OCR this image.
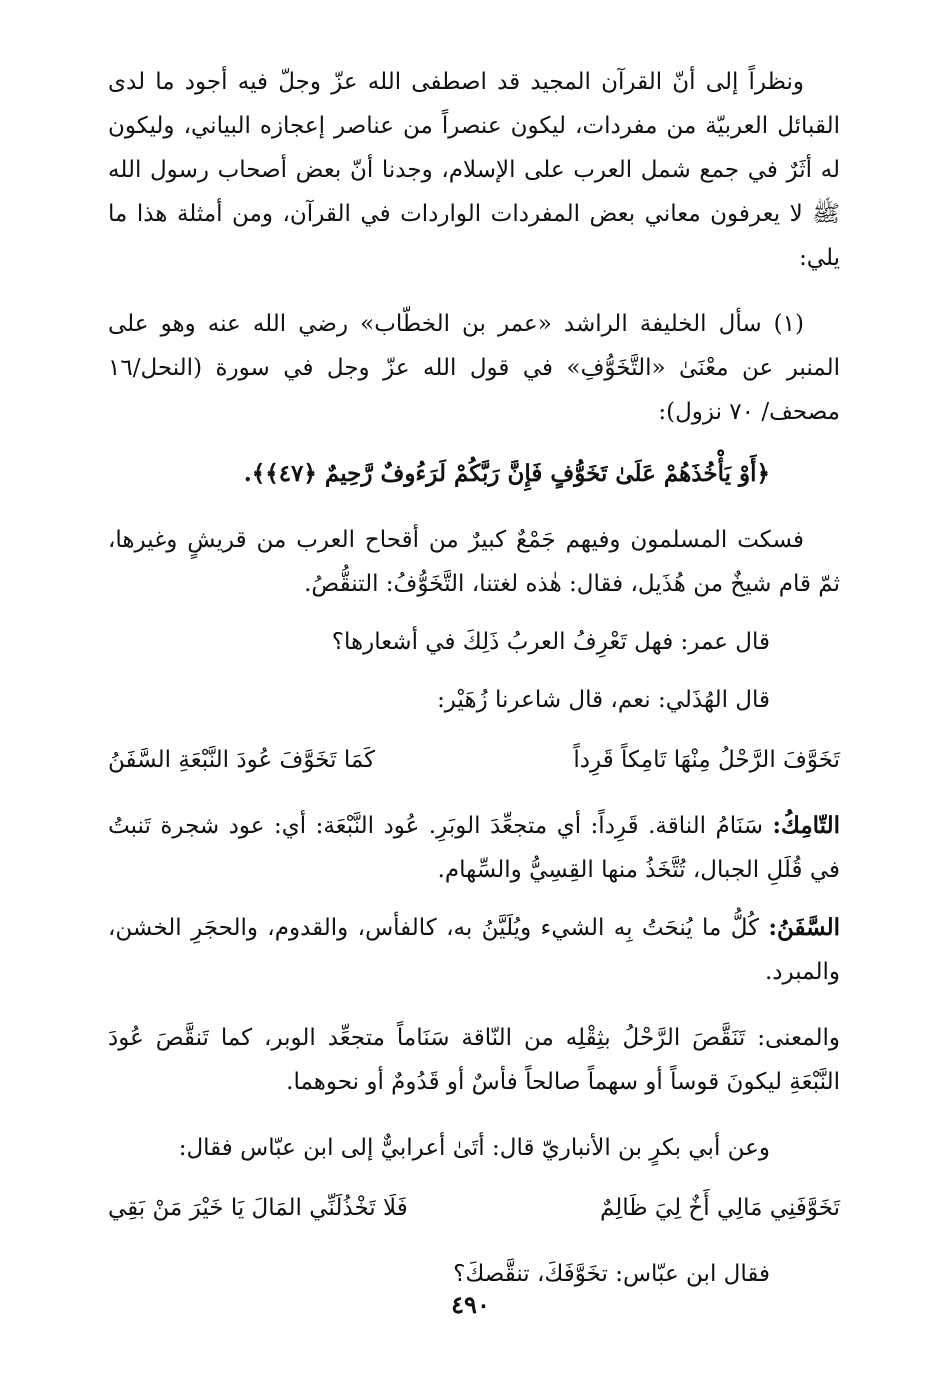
ونظراً إلى أنّ القرآن المجيد قد اصطفى الله عزّ وجلّ فيه أجود ما لدى القبائل العربيّة من مفردات، ليكون عنصراً من عناصر إعجازه البياني، وليكون له أثَرٌ في جمع شمل العرب على الإسلام، وجدنا أنّ بعض أصحاب رسول الله ﷺ لا يعرفون معاني بعض المفردات الواردات في القرآن، ومن أمثلة هذا ما يلي:

(١) سأل الخليفة الراشد «عمر بن الخطّاب» رضي الله عنه وهو على المنبر عن معْنَىٰ «التَّخَوُّفِ» في قول الله عزّ وجل في سورة (النحل/١٦ مصحف/ ٧٠ نزول):

﴿أَوْ يَأْخُذَهُمْ عَلَىٰ تَخَوُّفٍ فَإِنَّ رَبَّكُمْ لَرَءُوفٌ رَّحِيمٌ ﴿٤٧﴾﴾.

فسكت المسلمون وفيهم جَمْعٌ كبيرٌ من أقحاح العرب من قريشٍ وغيرها، ثمّ قام شيخٌ من هُذَيل، فقال: هٰذه لغتنا، التَّخَوُّفُ: التنقُّصُ.

قال عمر: فهل تَعْرِفُ العربُ ذَلِكَ في أشعارها؟

قال الهُذَلي: نعم، قال شاعرنا زُهَيْر:

تَخَوَّفَ الرَّحْلُ مِنْهَا تَامِكاً قَرِداً
كَمَا تَخَوَّفَ عُودَ النَّبْعَةِ السَّفَنُ

التّامِكُ: سَنَامُ الناقة. قَرِداً: أي متجعِّدَ الوبَرِ. عُود النَّبْعَة: أي: عود شجرة تَنبتُ في قُلَلِ الجبال، تُتَّخَذُ منها القِسِيُّ والسِّهام.

السَّفَنُ: كُلُّ ما يُنحَتُ بِه الشيء ويُلَيَّنُ به، كالفأس، والقدوم، والحجَرِ الخشن، والمبرد.

والمعنى: تَنَقَّصَ الرَّحْلُ بثِقْلِه من النّاقة سَنَاماً متجعِّد الوبر، كما تَنقَّصَ عُودَ النَّبْعَةِ ليكونَ قوساً أو سهماً صالحاً فأسٌ أو قَدُومٌ أو نحوهما.

وعن أبي بكرٍ بن الأنباريّ قال: أتَىٰ أعرابيٌّ إلى ابن عبّاس فقال:

تَخَوَّفَنِي مَالِي أَخٌ لِيَ ظَالِمٌ
فَلَا تَخْذُلَنِّي المَالَ يَا خَيْرَ مَنْ بَقِي

فقال ابن عبّاس: تخَوَّفَكَ، تنقَّصكَ؟

٤٩٠
